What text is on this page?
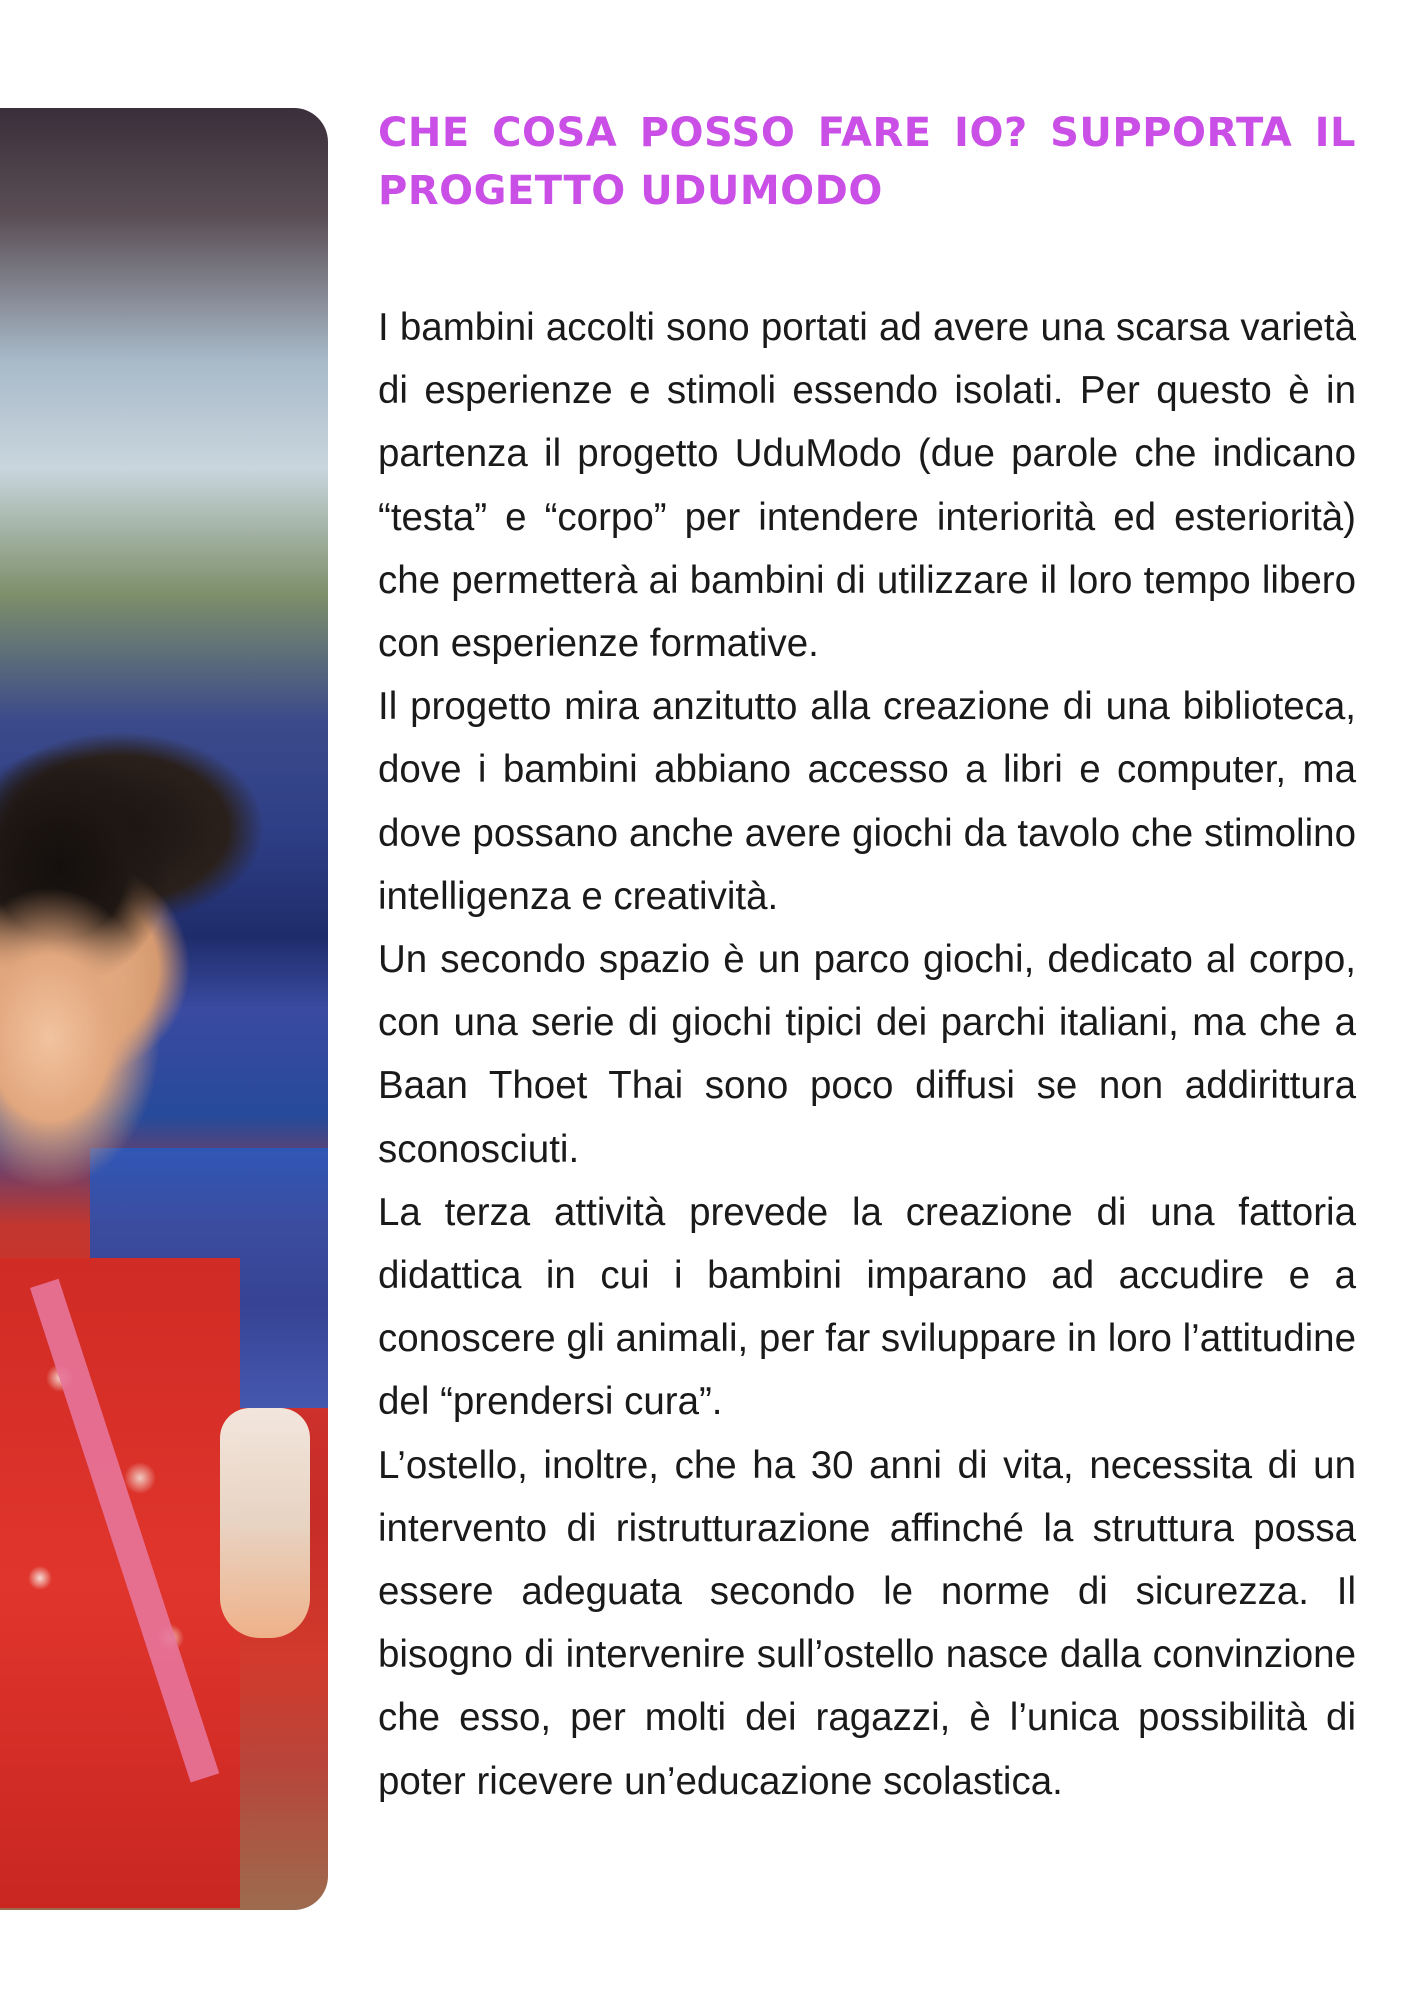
CHE COSA POSSO FARE IO? SUPPORTA IL
PROGETTO UDUMODO

I bambini accolti sono portati ad avere una scarsa varietà di esperienze e stimoli essendo isolati. Per questo è in partenza il progetto UduModo (due parole che indicano “testa” e “corpo” per intendere interiorità ed esteriorità) che permetterà ai bambini di utilizzare il loro tempo libero con esperienze formative.

Il progetto mira anzitutto alla creazione di una biblioteca, dove i bambini abbiano accesso a libri e computer, ma dove possano anche avere giochi da tavolo che stimolino intelligenza e creatività.

Un secondo spazio è un parco giochi, dedicato al corpo, con una serie di giochi tipici dei parchi italiani, ma che a Baan Thoet Thai sono poco diffusi se non addirittura sconosciuti.

La terza attività prevede la creazione di una fattoria didattica in cui i bambini imparano ad accudire e a conoscere gli animali, per far sviluppare in loro l’attitudine del “prendersi cura”.

L’ostello, inoltre, che ha 30 anni di vita, necessita di un intervento di ristrutturazione affinché la struttura possa essere adeguata secondo le norme di sicurezza. Il bisogno di intervenire sull’ostello nasce dalla convinzione che esso, per molti dei ragazzi, è l’unica possibilità di poter ricevere un’educazione scolastica.
